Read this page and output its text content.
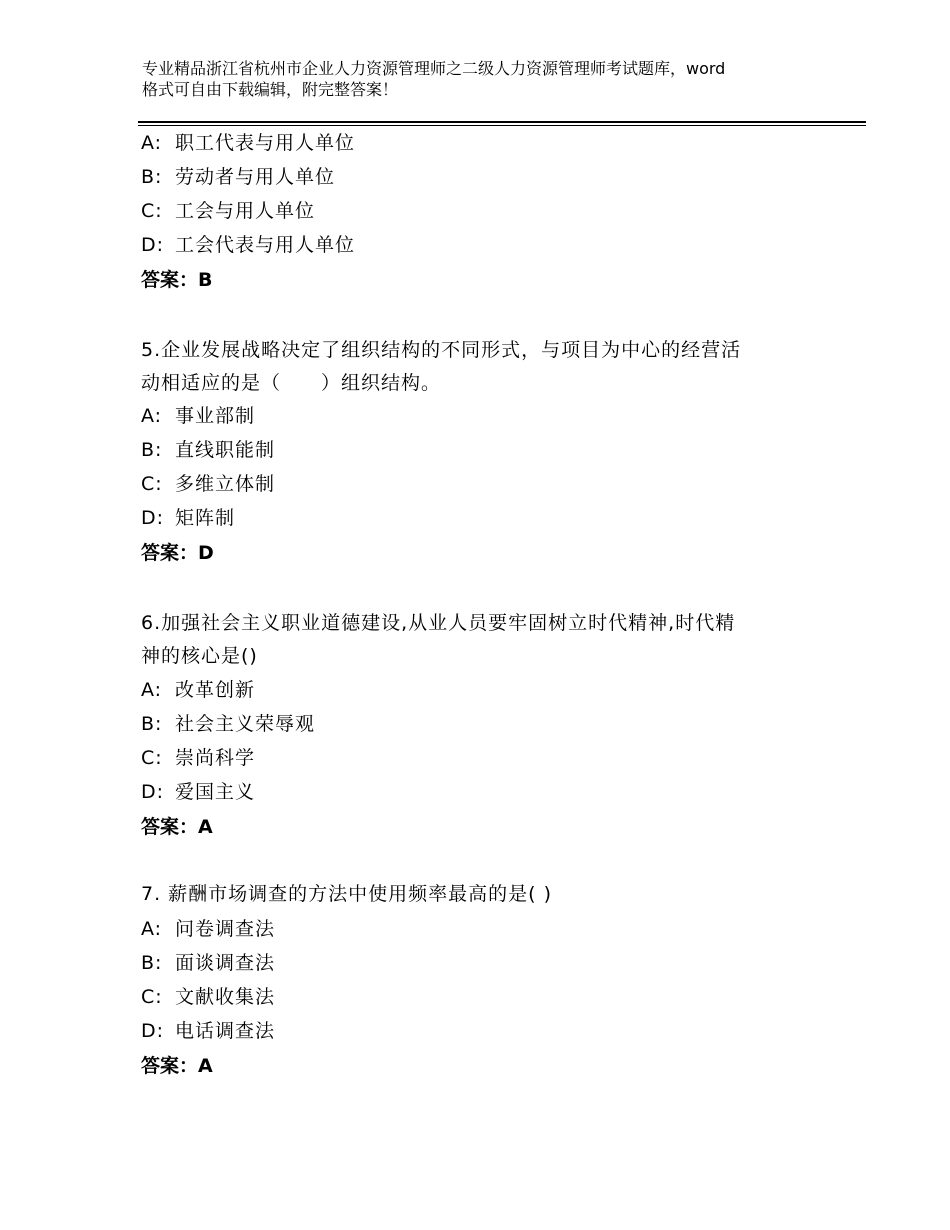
专业精品浙江省杭州市企业人力资源管理师之二级人力资源管理师考试题库，word
格式可自由下载编辑，附完整答案！
A: 职工代表与用人单位
B: 劳动者与用人单位
C: 工会与用人单位
D: 工会代表与用人单位
答案：B
5.企业发展战略决定了组织结构的不同形式，与项目为中心的经营活
动相适应的是（　　）组织结构。
A: 事业部制
B: 直线职能制
C: 多维立体制
D: 矩阵制
答案：D
6.加强社会主义职业道德建设,从业人员要牢固树立时代精神,时代精
神的核心是()
A: 改革创新
B: 社会主义荣辱观
C: 崇尚科学
D: 爱国主义
答案：A
7. 薪酬市场调查的方法中使用频率最高的是( )
A: 问卷调查法
B: 面谈调查法
C: 文献收集法
D: 电话调查法
答案：A
